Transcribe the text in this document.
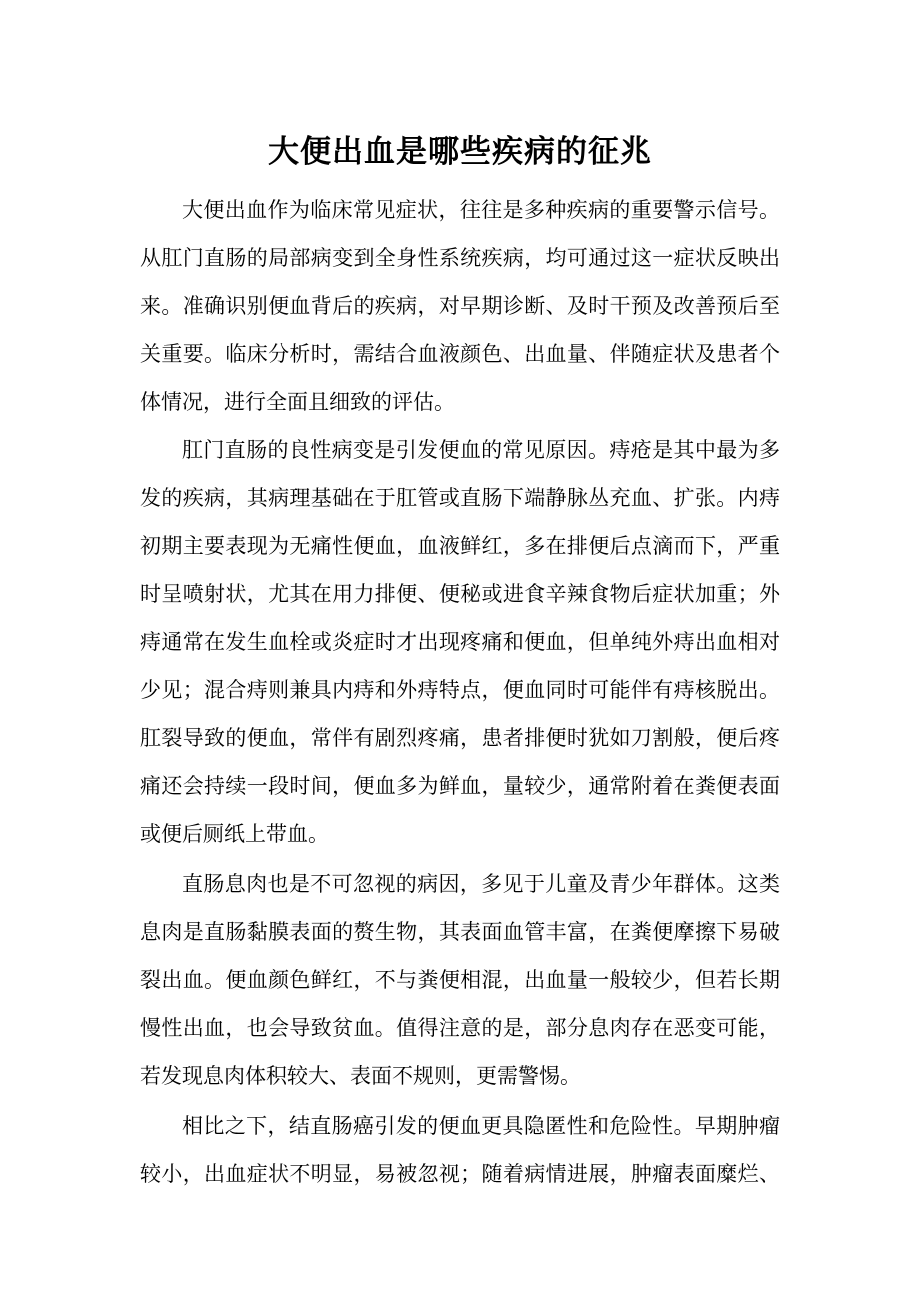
大便出血是哪些疾病的征兆
大便出血作为临床常见症状，往往是多种疾病的重要警示信号。
从肛门直肠的局部病变到全身性系统疾病，均可通过这一症状反映出
来。准确识别便血背后的疾病，对早期诊断、及时干预及改善预后至
关重要。临床分析时，需结合血液颜色、出血量、伴随症状及患者个
体情况，进行全面且细致的评估。
肛门直肠的良性病变是引发便血的常见原因。痔疮是其中最为多
发的疾病，其病理基础在于肛管或直肠下端静脉丛充血、扩张。内痔
初期主要表现为无痛性便血，血液鲜红，多在排便后点滴而下，严重
时呈喷射状，尤其在用力排便、便秘或进食辛辣食物后症状加重；外
痔通常在发生血栓或炎症时才出现疼痛和便血，但单纯外痔出血相对
少见；混合痔则兼具内痔和外痔特点，便血同时可能伴有痔核脱出。
肛裂导致的便血，常伴有剧烈疼痛，患者排便时犹如刀割般，便后疼
痛还会持续一段时间，便血多为鲜血，量较少，通常附着在粪便表面
或便后厕纸上带血。
直肠息肉也是不可忽视的病因，多见于儿童及青少年群体。这类
息肉是直肠黏膜表面的赘生物，其表面血管丰富，在粪便摩擦下易破
裂出血。便血颜色鲜红，不与粪便相混，出血量一般较少，但若长期
慢性出血，也会导致贫血。值得注意的是，部分息肉存在恶变可能，
若发现息肉体积较大、表面不规则，更需警惕。
相比之下，结直肠癌引发的便血更具隐匿性和危险性。早期肿瘤
较小，出血症状不明显，易被忽视；随着病情进展，肿瘤表面糜烂、
